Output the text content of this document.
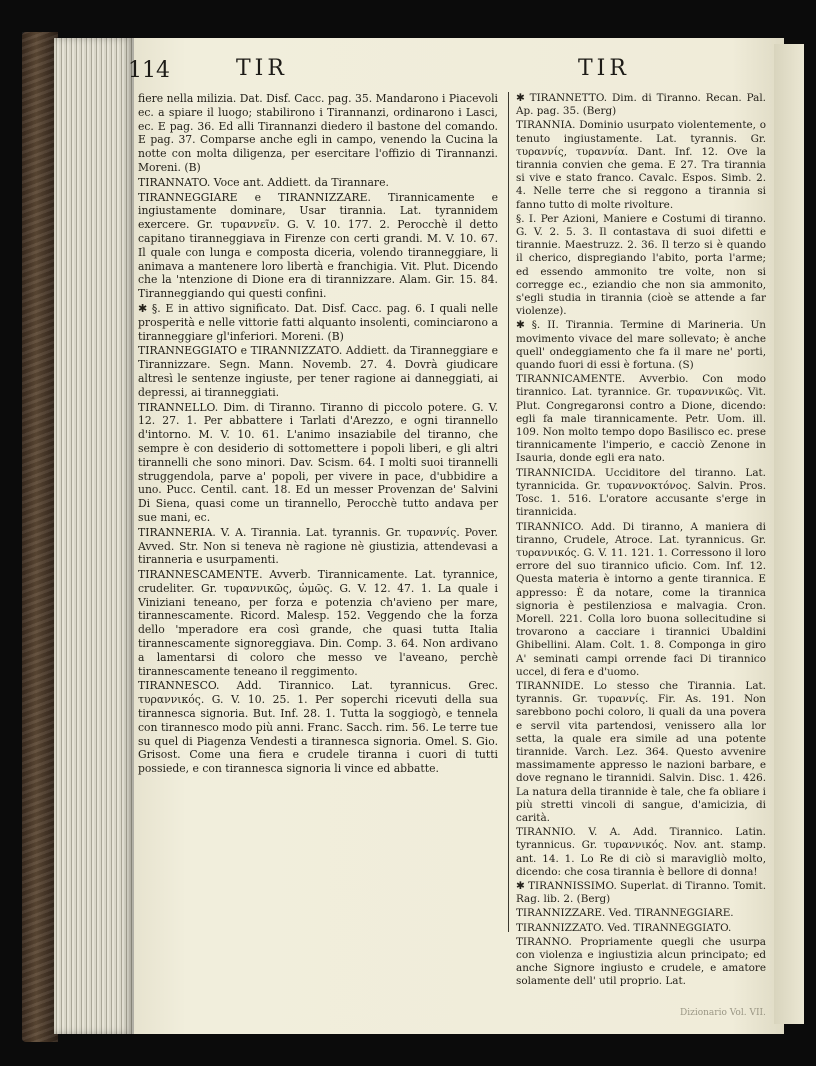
114	TIR	TIR

fiere nella milizia. Dat. Disf. Cacc. pag. 35. Mandarono i Piacevoli ec. a spiare il luogo; stabilirono i Tirannanzi, ordinarono i Lasci, ec. E pag. 36. Ed alli Tirannanzi diedero il bastone del comando. E pag. 37. Comparse anche egli in campo, venendo la Cucina la notte con molta diligenza, per esercitare l'offizio di Tirannanzi. Moreni. (B)

TIRANNATO. Voce ant. Addiett. da Tirannare.

TIRANNEGGIARE e TIRANNIZZARE. Tirannicamente e ingiustamente dominare, Usar tirannia. Lat. tyrannidem exercere. Gr. τυραννεῖν. G. V. 10. 177. 2. Perocchè il detto capitano tiranneggiava in Firenze con certi grandi. M. V. 10. 67. Il quale con lunga e composta diceria, volendo tiranneggiare, li animava a mantenere loro libertà e franchigia. Vit. Plut. Dicendo che la 'ntenzione di Dione era di tirannizzare. Alam. Gir. 15. 84. Tiranneggiando qui questi confini.

✱ §. E in attivo significato. Dat. Disf. Cacc. pag. 6. I quali nelle prosperità e nelle vittorie fatti alquanto insolenti, cominciarono a tiranneggiare gl'inferiori. Moreni. (B)

TIRANNEGGIATO e TIRANNIZZATO. Addiett. da Tiranneggiare e Tirannizzare. Segn. Mann. Novemb. 27. 4. Dovrà giudicare altresì le sentenze ingiuste, per tener ragione ai danneggiati, ai depressi, ai tiranneggiati.

TIRANNELLO. Dim. di Tiranno. Tiranno di piccolo potere. G. V. 12. 27. 1. Per abbattere i Tarlati d'Arezzo, e ogni tirannello d'intorno. M. V. 10. 61. L'animo insaziabile del tiranno, che sempre è con desiderio di sottomettere i popoli liberi, e gli altri tirannelli che sono minori. Dav. Scism. 64. I molti suoi tirannelli struggendola, parve a' popoli, per vivere in pace, d'ubbidire a uno. Pucc. Centil. cant. 18. Ed un messer Provenzan de' Salvini Di Siena, quasi come un tirannello, Perocchè tutto andava per sue mani, ec.

TIRANNERIA. V. A. Tirannia. Lat. tyrannis. Gr. τυραννίς. Pover. Avved. Str. Non si teneva nè ragione nè giustizia, attendevasi a tiranneria e usurpamenti.

TIRANNESCAMENTE. Avverb. Tirannicamente. Lat. tyrannice, crudeliter. Gr. τυραννικῶς, ὠμῶς. G. V. 12. 47. 1. La quale i Viniziani teneano, per forza e potenzia ch'avieno per mare, tirannescamente. Ricord. Malesp. 152. Veggendo che la forza dello 'mperadore era così grande, che quasi tutta Italia tirannescamente signoreggiava. Din. Comp. 3. 64. Non ardivano a lamentarsi di coloro che messo ve l'aveano, perchè tirannescamente teneano il reggimento.

TIRANNESCO. Add. Tirannico. Lat. tyrannicus. Grec. τυραννικός. G. V. 10. 25. 1. Per soperchi ricevuti della sua tirannesca signoria. But. Inf. 28. 1. Tutta la soggiogò, e tennela con tirannesco modo più anni. Franc. Sacch. rim. 56. Le terre tue su quel di Piagenza Vendesti a tirannesca signoria. Omel. S. Gio. Grisost. Come una fiera e crudele tiranna i cuori di tutti possiede, e con tirannesca signoria li vince ed abbatte.

✱ TIRANNETTO. Dim. di Tiranno. Recan. Pal. Ap. pag. 35. (Berg)

TIRANNIA. Dominio usurpato violentemente, o tenuto ingiustamente. Lat. tyrannis. Gr. τυραννίς, τυραννία. Dant. Inf. 12. Ove la tirannia convien che gema. E 27. Tra tirannia si vive e stato franco. Cavalc. Espos. Simb. 2. 4. Nelle terre che si reggono a tirannia si fanno tutto di molte rivolture.

§. I. Per Azioni, Maniere e Costumi di tiranno. G. V. 2. 5. 3. Il contastava di suoi difetti e tirannie. Maestruzz. 2. 36. Il terzo si è quando il cherico, dispregiando l'abito, porta l'arme; ed essendo ammonito tre volte, non si corregge ec., eziandio che non sia ammonito, s'egli studia in tirannia (cioè se attende a far violenze).

✱ §. II. Tirannia. Termine di Marineria. Un movimento vivace del mare sollevato; è anche quell' ondeggiamento che fa il mare ne' porti, quando fuori di essi è fortuna. (S)

TIRANNICAMENTE. Avverbio. Con modo tirannico. Lat. tyrannice. Gr. τυραννικῶς. Vit. Plut. Congregaronsi contro a Dione, dicendo: egli fa male tirannicamente. Petr. Uom. ill. 109. Non molto tempo dopo Basilisco ec. prese tirannicamente l'imperio, e cacciò Zenone in Isauria, donde egli era nato.

TIRANNICIDA. Ucciditore del tiranno. Lat. tyrannicida. Gr. τυραννοκτόνος. Salvin. Pros. Tosc. 1. 516. L'oratore accusante s'erge in tirannicida.

TIRANNICO. Add. Di tiranno, A maniera di tiranno, Crudele, Atroce. Lat. tyrannicus. Gr. τυραννικός. G. V. 11. 121. 1. Corressono il loro errore del suo tirannico uficio. Com. Inf. 12. Questa materia è intorno a gente tirannica. E appresso: È da notare, come la tirannica signoria è pestilenziosa e malvagia. Cron. Morell. 221. Colla loro buona sollecitudine si trovarono a cacciare i tirannici Ubaldini Ghibellini. Alam. Colt. 1. 8. Componga in giro A' seminati campi orrende faci Di tirannico uccel, di fera e d'uomo.

TIRANNIDE. Lo stesso che Tirannia. Lat. tyrannis. Gr. τυραννίς. Fir. As. 191. Non sarebbono pochi coloro, li quali da una povera e servil vita partendosi, venissero alla lor setta, la quale era simile ad una potente tirannide. Varch. Lez. 364. Questo avvenire massimamente appresso le nazioni barbare, e dove regnano le tirannidi. Salvin. Disc. 1. 426. La natura della tirannide è tale, che fa obliare i più stretti vincoli di sangue, d'amicizia, di carità.

TIRANNIO. V. A. Add. Tirannico. Latin. tyrannicus. Gr. τυραννικός. Nov. ant. stamp. ant. 14. 1. Lo Re di ciò si maravigliò molto, dicendo: che cosa tirannia è bellore di donna!

✱ TIRANNISSIMO. Superlat. di Tiranno. Tomit. Rag. lib. 2. (Berg)

TIRANNIZZARE. Ved. TIRANNEGGIARE.

TIRANNIZZATO. Ved. TIRANNEGGIATO.

TIRANNO. Propriamente quegli che usurpa con violenza e ingiustizia alcun principato; ed anche Signore ingiusto e crudele, e amatore solamente dell' util proprio. Lat.

Dizionario Vol. VII.
